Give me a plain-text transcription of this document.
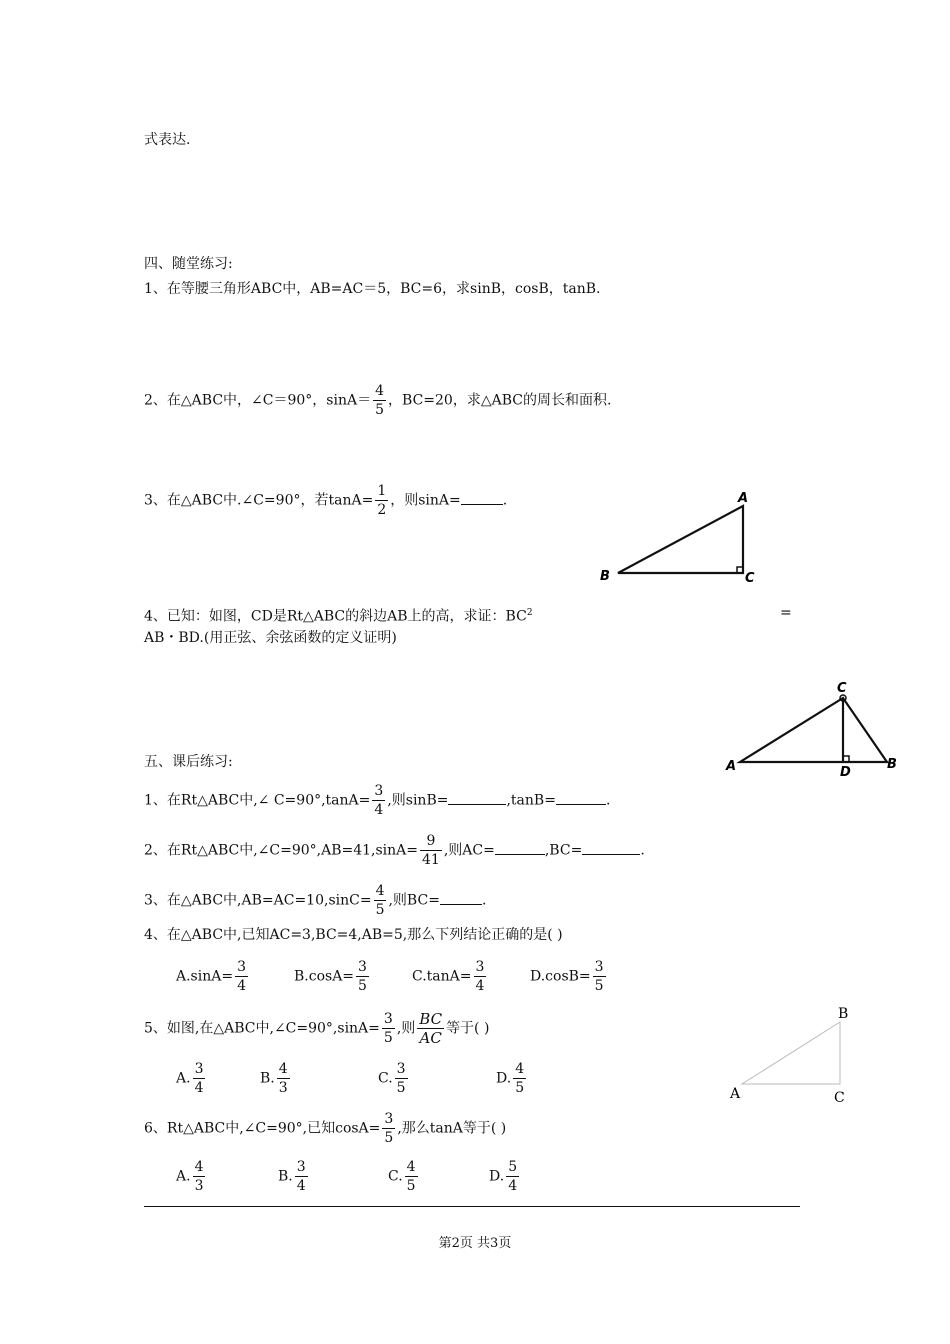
式表达.
四、随堂练习:
1、在等腰三角形ABC中，AB=AC＝5，BC=6，求sinB，cosB，tanB.
2、在△ABC中，∠C＝90°，$\sin A= \frac{4}{5}$ ，BC=20，求△ABC的周长和面积.
3、在△ABC中.∠C=90°，若$\tan A= \frac{1}{2}$ ，则sinA=	.
4、已知：如图，CD是Rt△ABC的斜边AB上的高，求证：$BC^2$	=
AB・BD.(用正弦、余弦函数的定义证明)
A
B	C
五、课后练习:
1、在Rt△ABC中,∠ $C=90^\circ,\tan A= \frac{3}{4}$ ,则sinB=	,tanB=	.
2、在Rt△ABC中,∠C=90°,AB=41,sinA= $\frac{9}{41}$ ,则AC=	,BC=	.
3、在△ABC中$,AB=AC=10,\sin C= \frac{4}{5}$ ,则BC=	.
4、在△ABC中,已知AC=3,BC=4,AB=5,那么下列结论正确的是( )
$A.\sin A= \frac{3}{4}$	$B.\cos A= \frac{3}{5}$	$C.\tan A= \frac{3}{4}$	$D.\cos B= \frac{3}{5}$
5、如图,在△ABC中,∠C=90°,sinA= $\frac{3}{5}$ ,则 $\frac{BC}{AC}$ 等于( )
A. $\frac{3}{4}$	B. $\frac{4}{3}$	C. $\frac{3}{5}$	D. $\frac{4}{5}$
6、Rt△ABC中,∠C=90°,已知$\cos A= \frac{3}{5}$ ,那么tanA等于( )
A. $\frac{4}{3}$	B. $\frac{3}{4}$	C. $\frac{4}{5}$	D. $\frac{5}{4}$
C
A	B
D
B
A	C
第2页 共3页
